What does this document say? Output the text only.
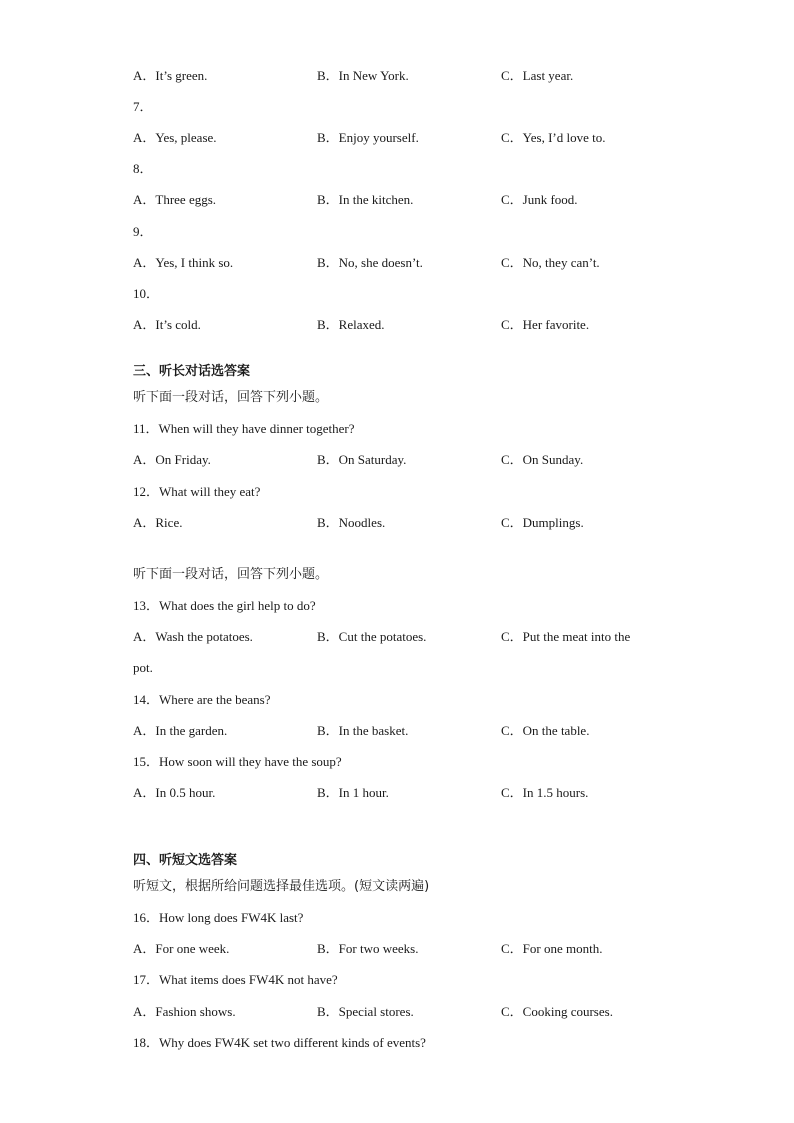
A．It’s green.	B．In New York.	C．Last year.
7．
A．Yes, please.	B．Enjoy yourself.	C．Yes, I’d love to.
8．
A．Three eggs.	B．In the kitchen.	C．Junk food.
9．
A．Yes, I think so.	B．No, she doesn’t.	C．No, they can’t.
10．
A．It’s cold.	B．Relaxed.	C．Her favorite.
三、听长对话选答案
听下面一段对话，回答下列小题。
11．When will they have dinner together?
A．On Friday.	B．On Saturday.	C．On Sunday.
12．What will they eat?
A．Rice.	B．Noodles.	C．Dumplings.
听下面一段对话，回答下列小题。
13．What does the girl help to do?
A．Wash the potatoes.	B．Cut the potatoes.	C．Put the meat into the
pot.
14．Where are the beans?
A．In the garden.	B．In the basket.	C．On the table.
15．How soon will they have the soup?
A．In 0.5 hour.	B．In 1 hour.	C．In 1.5 hours.
四、听短文选答案
听短文，根据所给问题选择最佳选项。(短文读两遍)
16．How long does FW4K last?
A．For one week.	B．For two weeks.	C．For one month.
17．What items does FW4K not have?
A．Fashion shows.	B．Special stores.	C．Cooking courses.
18．Why does FW4K set two different kinds of events?
